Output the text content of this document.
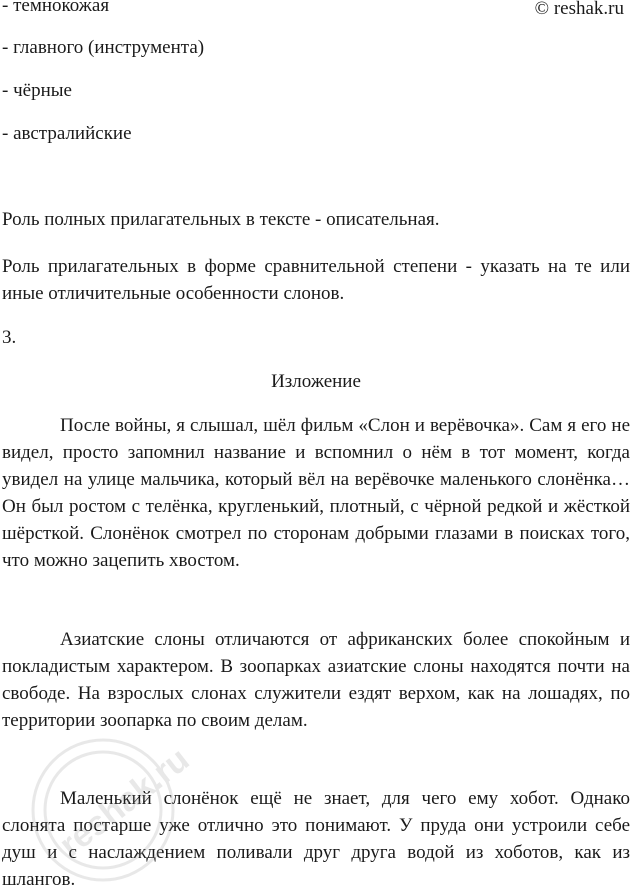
© reshak.ru
- темнокожая
- главного (инструмента)
- чёрные
- австралийские
Роль полных прилагательных в тексте - описательная.

Роль прилагательных в форме сравнительной степени - указать на те или иные отличительные особенности слонов.

3.
Изложение

После войны, я слышал, шёл фильм «Слон и верёвочка». Сам я его не видел, просто запомнил название и вспомнил о нём в тот момент, когда увидел на улице мальчика, который вёл на верёвочке маленького слонёнка… Он был ростом с телёнка, кругленький, плотный, с чёрной редкой и жёсткой шёрсткой. Слонёнок смотрел по сторонам добрыми глазами в поисках того, что можно зацепить хвостом.

Азиатские слоны отличаются от африканских более спокойным и покладистым характером. В зоопарках азиатские слоны находятся почти на свободе. На взрослых слонах служители ездят верхом, как на лошадях, по территории зоопарка по своим делам.

Маленький слонёнок ещё не знает, для чего ему хобот. Однако слонята постарше уже отлично это понимают. У пруда они устроили себе душ и с наслаждением поливали друг друга водой из хоботов, как из шлангов.

reshak.ru
